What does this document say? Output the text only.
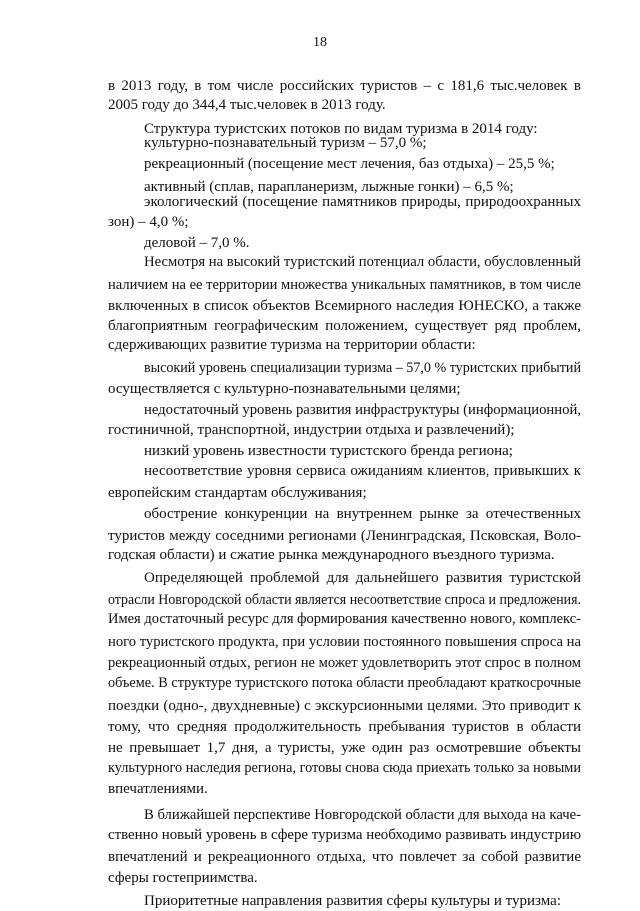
18
в 2013 году, в том числе российских туристов – с 181,6 тыс.человек в
2005 году до 344,4 тыс.человек в 2013 году.
Структура туристских потоков по видам туризма в 2014 году:
культурно-познавательный туризм – 57,0 %;
рекреационный (посещение мест лечения, баз отдыха) – 25,5 %;
активный (сплав, парапланеризм, лыжные гонки) – 6,5 %;
экологический (посещение памятников природы, природоохранных
зон) – 4,0 %;
деловой – 7,0 %.
Несмотря на высокий туристский потенциал области, обусловленный
наличием на ее территории множества уникальных памятников, в том числе
включенных в список объектов Всемирного наследия ЮНЕСКО, а также
благоприятным географическим положением, существует ряд проблем,
сдерживающих развитие туризма на территории области:
высокий уровень специализации туризма – 57,0 % туристских прибытий
осуществляется с культурно-познавательными целями;
недостаточный уровень развития инфраструктуры (информационной,
гостиничной, транспортной, индустрии отдыха и развлечений);
низкий уровень известности туристского бренда региона;
несоответствие уровня сервиса ожиданиям клиентов, привыкших к
европейским стандартам обслуживания;
обострение конкуренции на внутреннем рынке за отечественных
туристов между соседними регионами (Ленинградская, Псковская, Воло-
годская области) и сжатие рынка международного въездного туризма.
Определяющей проблемой для дальнейшего развития туристской
отрасли Новгородской области является несоответствие спроса и предложения.
Имея достаточный ресурс для формирования качественно нового, комплекс-
ного туристского продукта, при условии постоянного повышения спроса на
рекреационный отдых, регион не может удовлетворить этот спрос в полном
объеме. В структуре туристского потока области преобладают краткосрочные
поездки (одно-, двухдневные) с экскурсионными целями. Это приводит к
тому, что средняя продолжительность пребывания туристов в области
не превышает 1,7 дня, а туристы, уже один раз осмотревшие объекты
культурного наследия региона, готовы снова сюда приехать только за новыми
впечатлениями.
В ближайшей перспективе Новгородской области для выхода на каче-
ственно новый уровень в сфере туризма необходимо развивать индустрию
впечатлений и рекреационного отдыха, что повлечет за собой развитие
сферы гостеприимства.
Приоритетные направления развития сферы культуры и туризма:
